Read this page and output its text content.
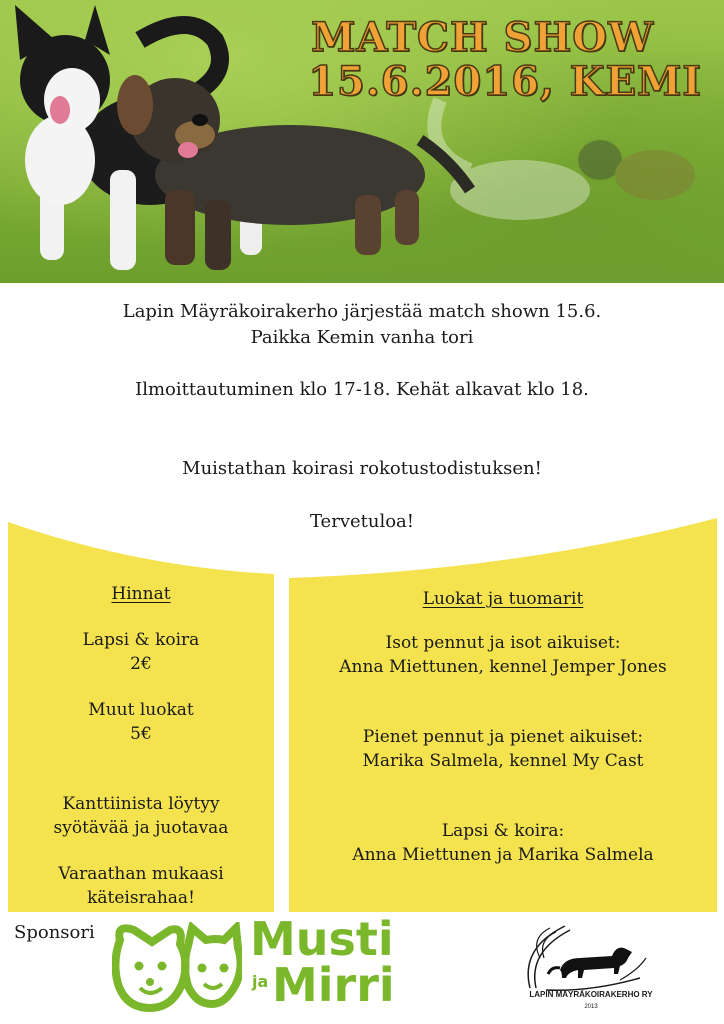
MATCH SHOW
15.6.2016, KEMI
Lapin Mäyräkoirakerho järjestää match shown 15.6.
Paikka Kemin vanha tori
Ilmoittautuminen klo 17-18. Kehät alkavat klo 18.
Muistathan koirasi rokotustodistuksen!
Tervetuloa!
Hinnat
Lapsi & koira
2€
Muut luokat
5€
Kanttiinista löytyy
syötävää ja juotavaa
Varaathan mukaasi
käteisrahaa!
Luokat ja tuomarit
Isot pennut ja isot aikuiset:
Anna Miettunen, kennel Jemper Jones
Pienet pennut ja pienet aikuiset:
Marika Salmela, kennel My Cast
Lapsi & koira:
Anna Miettunen ja Marika Salmela
Sponsori	Musti
ja Mirri	LAPIN MÄYRÄKOIRAKERHO RY
2013
